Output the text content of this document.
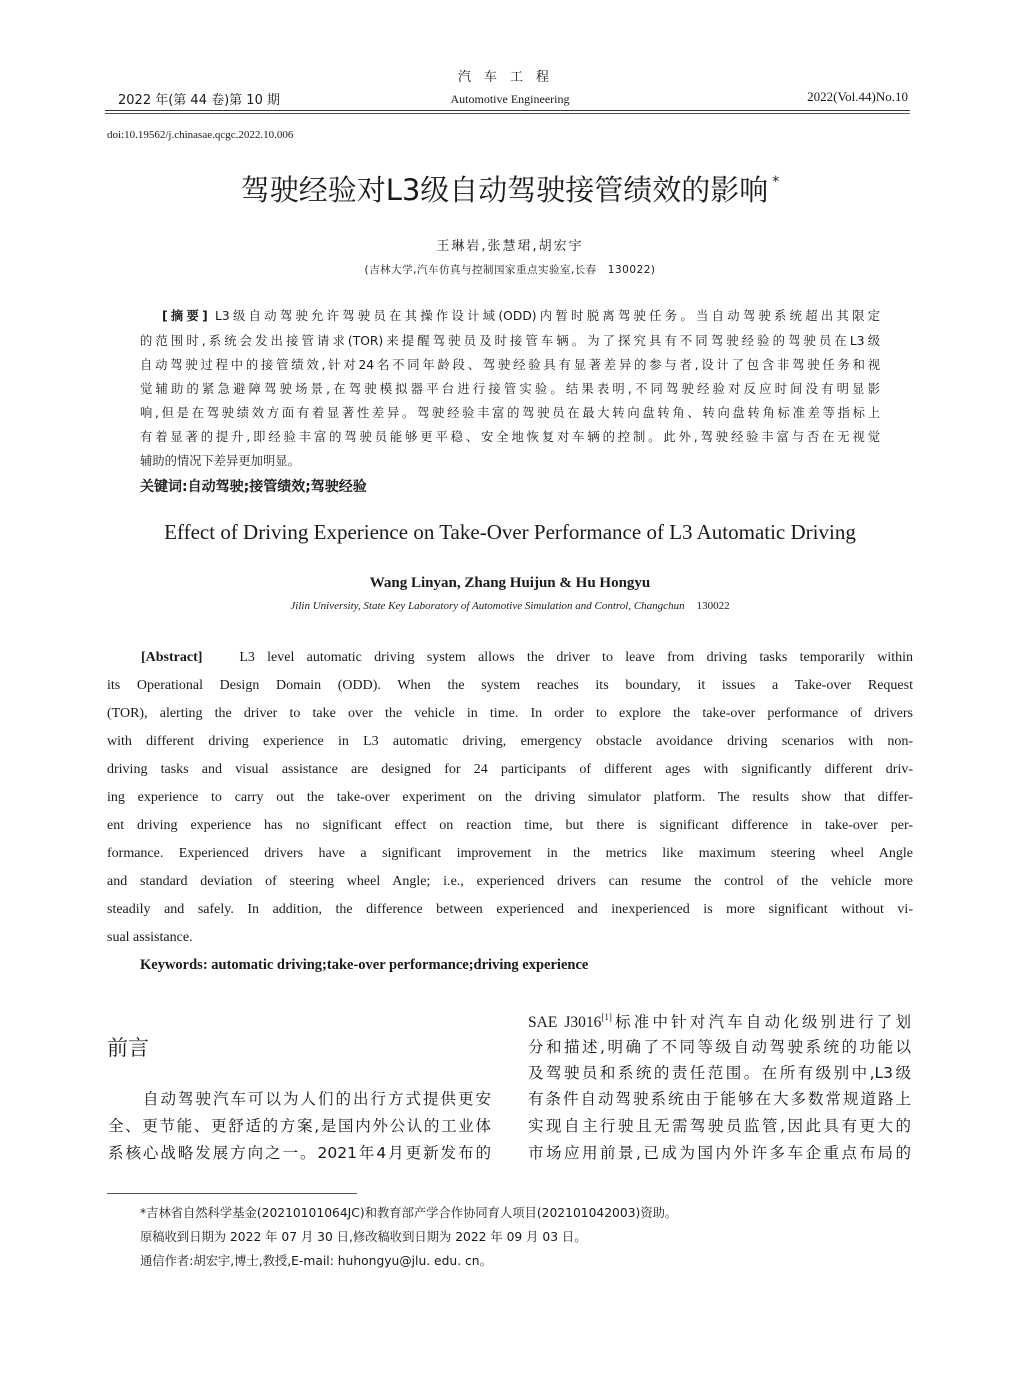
汽车工程
2022 年(第 44 卷)第 10 期	Automotive Engineering	2022(Vol.44)No.10
doi:10.19562/j.chinasae.qcgc.2022.10.006
驾驶经验对L3级自动驾驶接管绩效的影响 *
王琳岩,张慧珺,胡宏宇
(吉林大学,汽车仿真与控制国家重点实验室,长春　130022)
[摘要] L3级自动驾驶允许驾驶员在其操作设计域(ODD)内暂时脱离驾驶任务。当自动驾驶系统超出其限定
的范围时,系统会发出接管请求(TOR)来提醒驾驶员及时接管车辆。为了探究具有不同驾驶经验的驾驶员在L3级
自动驾驶过程中的接管绩效,针对24名不同年龄段、驾驶经验具有显著差异的参与者,设计了包含非驾驶任务和视
觉辅助的紧急避障驾驶场景,在驾驶模拟器平台进行接管实验。结果表明,不同驾驶经验对反应时间没有明显影
响,但是在驾驶绩效方面有着显著性差异。驾驶经验丰富的驾驶员在最大转向盘转角、转向盘转角标准差等指标上
有着显著的提升,即经验丰富的驾驶员能够更平稳、安全地恢复对车辆的控制。此外,驾驶经验丰富与否在无视觉
辅助的情况下差异更加明显。
关键词:自动驾驶;接管绩效;驾驶经验
Effect of Driving Experience on Take-Over Performance of L3 Automatic Driving
Wang Linyan, Zhang Huijun & Hu Hongyu
Jilin University, State Key Laboratory of Automotive Simulation and Control, Changchun 130022
[Abstract]	L3 level automatic driving system allows the driver to leave from driving tasks temporarily within
its Operational Design Domain (ODD). When the system reaches its boundary, it issues a Take-over Request
(TOR), alerting the driver to take over the vehicle in time. In order to explore the take-over performance of drivers
with different driving experience in L3 automatic driving, emergency obstacle avoidance driving scenarios with non-
driving tasks and visual assistance are designed for 24 participants of different ages with significantly different driv-
ing experience to carry out the take-over experiment on the driving simulator platform. The results show that differ-
ent driving experience has no significant effect on reaction time, but there is significant difference in take-over per-
formance. Experienced drivers have a significant improvement in the metrics like maximum steering wheel Angle
and standard deviation of steering wheel Angle; i.e., experienced drivers can resume the control of the vehicle more
steadily and safely. In addition, the difference between experienced and inexperienced is more significant without vi-
sual assistance.
Keywords: automatic driving;take-over performance;driving experience
前言
　　自动驾驶汽车可以为人们的出行方式提供更安
全、更节能、更舒适的方案,是国内外公认的工业体
系核心战略发展方向之一。2021年4月更新发布的
SAE J3016[1]标准中针对汽车自动化级别进行了划
分和描述,明确了不同等级自动驾驶系统的功能以
及驾驶员和系统的责任范围。在所有级别中,L3级
有条件自动驾驶系统由于能够在大多数常规道路上
实现自主行驶且无需驾驶员监管,因此具有更大的
市场应用前景,已成为国内外许多车企重点布局的
*吉林省自然科学基金(20210101064JC)和教育部产学合作协同育人项目(202101042003)资助。
原稿收到日期为 2022 年 07 月 30 日,修改稿收到日期为 2022 年 09 月 03 日。
通信作者:胡宏宇,博士,教授,E-mail: huhongyu@jlu. edu. cn。
